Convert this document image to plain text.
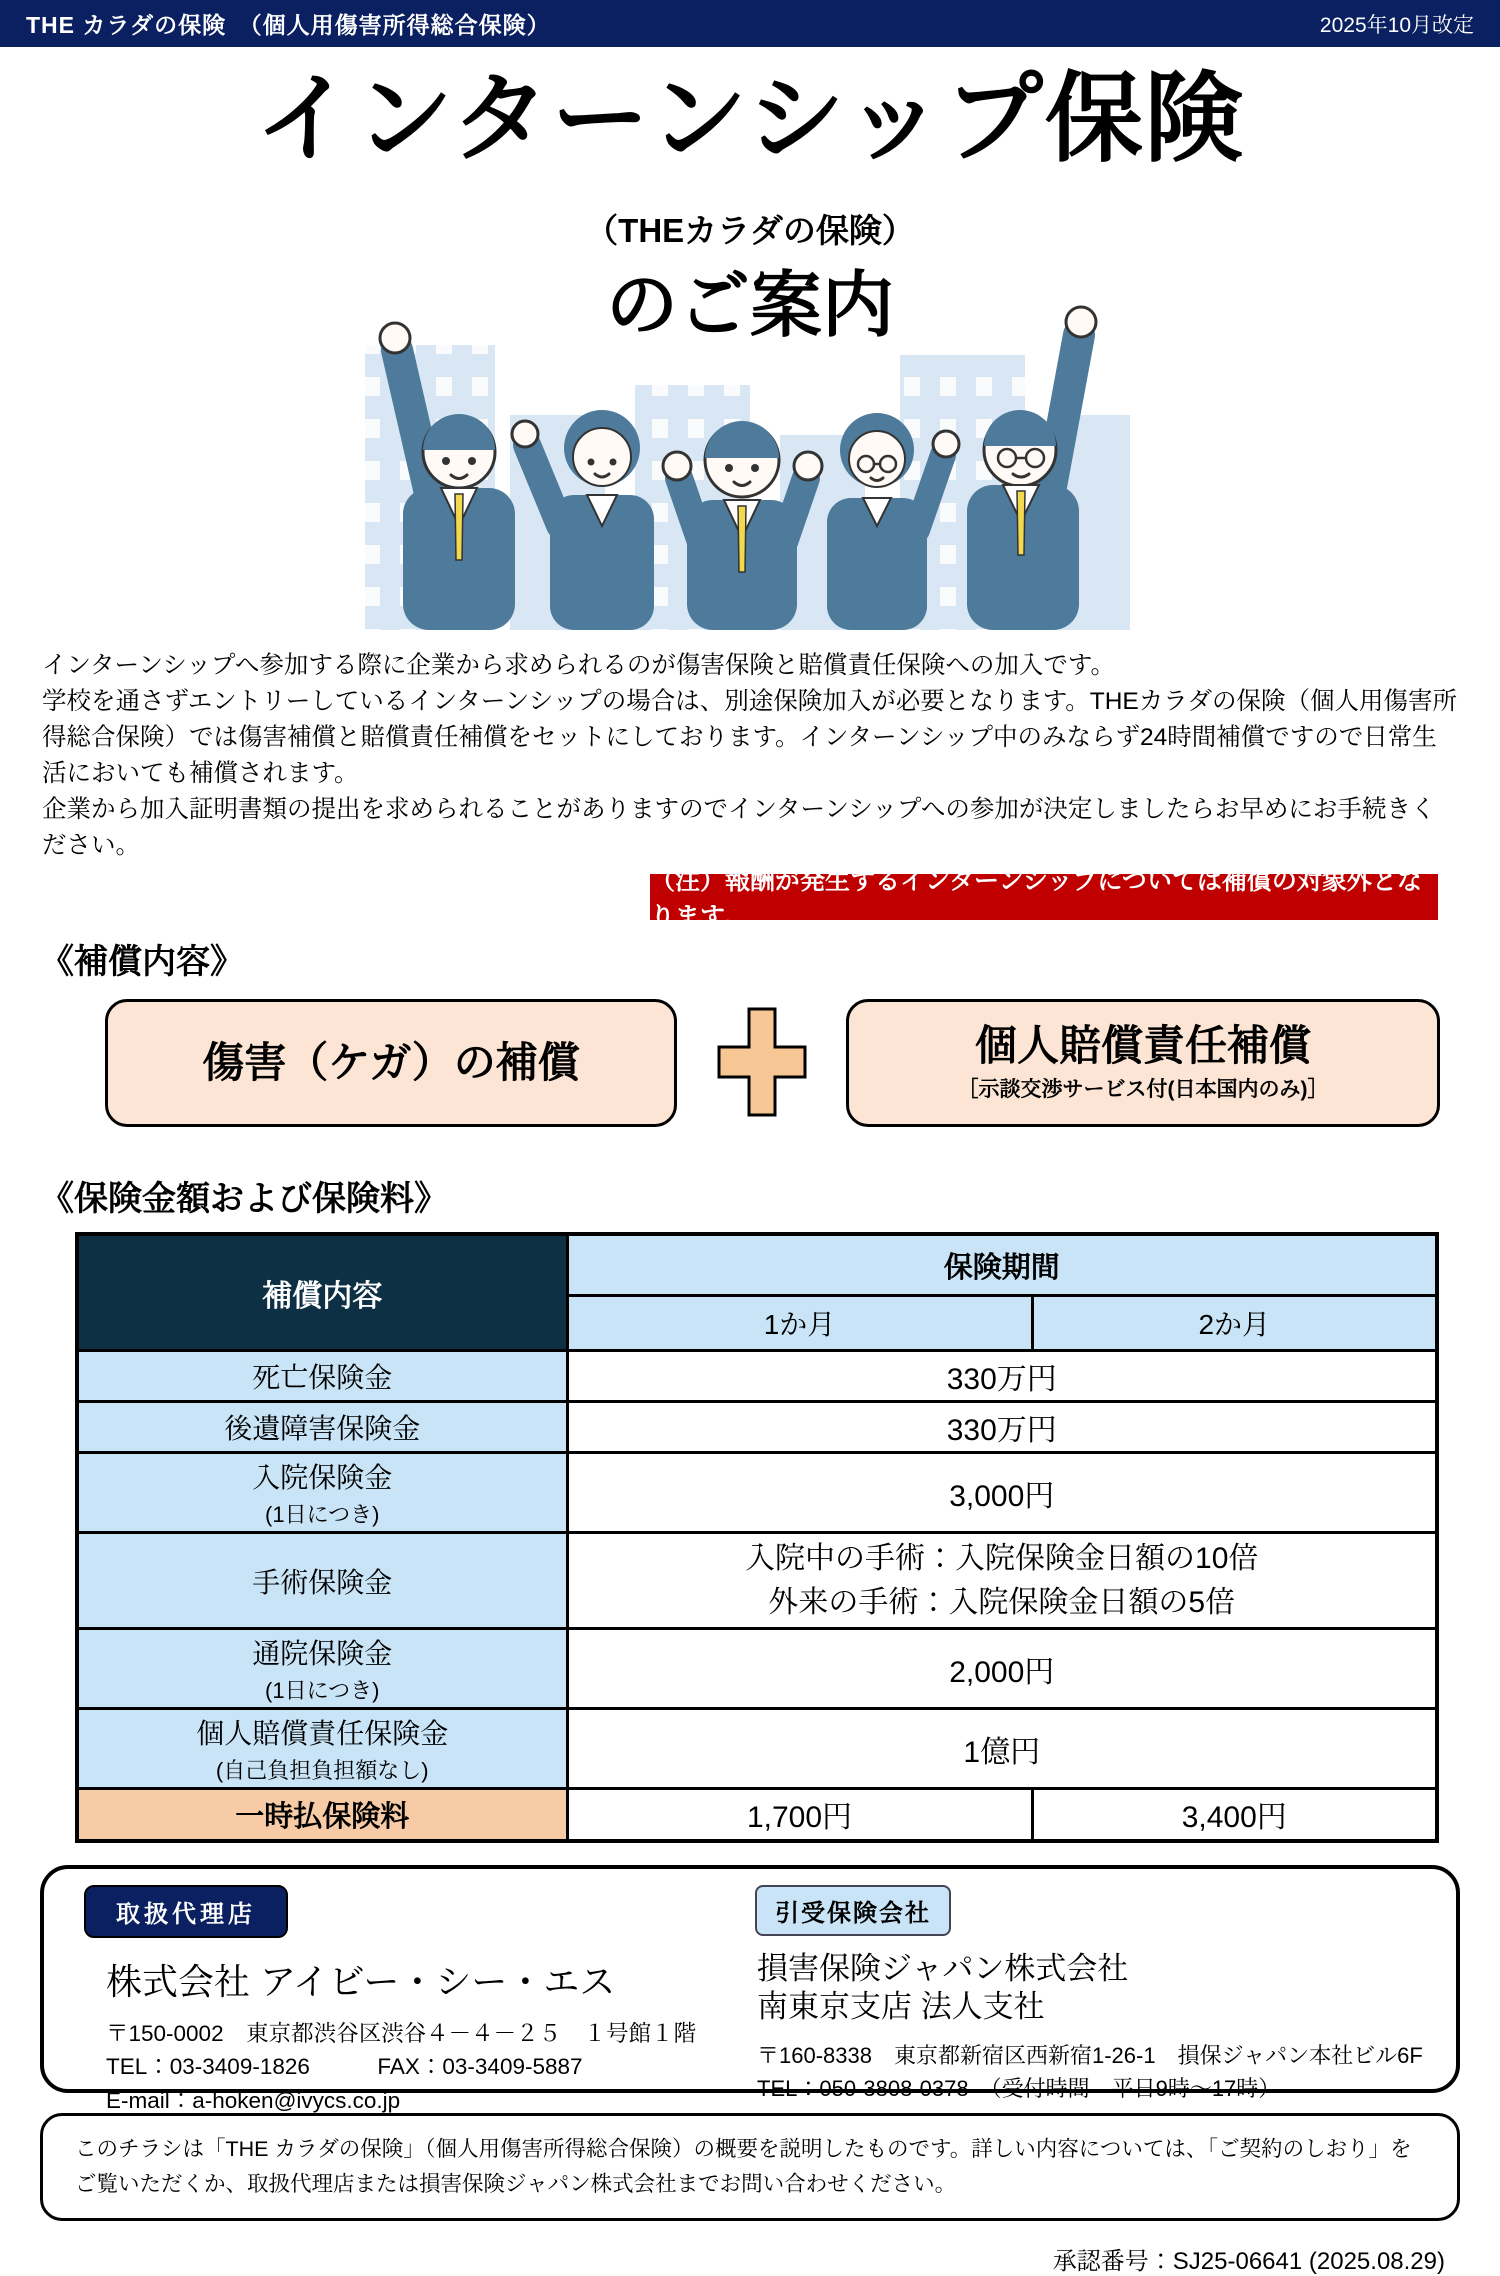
THE カラダの保険　（個人用傷害所得総合保険）	2025年10月改定
インターンシップ保険
（THEカラダの保険）
のご案内

インターンシップへ参加する際に企業から求められるのが傷害保険と賠償責任保険への加入です。

学校を通さずエントリーしているインターンシップの場合は、別途保険加入が必要となります。THEカラダの保険（個人用傷害所得総合保険）では傷害補償と賠償責任補償をセットにしております。インターンシップ中のみならず24時間補償ですので日常生活においても補償されます。

企業から加入証明書類の提出を求められることがありますのでインターンシップへの参加が決定しましたらお早めにお手続きください。

（注）報酬が発生するインターンシップについては補償の対象外となります。
《補償内容》
傷害（ケガ）の補償	個人賠償責任補償
［示談交渉サービス付(日本国内のみ)］
《保険金額および保険料》
補償内容	保険期間	
	1か月	2か月
死亡保険金	330万円	
後遺障害保険金	330万円	
入院保険金
(1日につき)	3,000円	
手術保険金	入院中の手術：入院保険金日額の10倍
外来の手術：入院保険金日額の5倍	

通院保険金
(1日につき)	2,000円	
個人賠償責任保険金
(自己負担負担額なし)	1億円	
一時払保険料	1,700円	3,400円
取扱代理店
株式会社 アイビー・シー・エス
〒150-0002　東京都渋谷区渋谷４－４－２５　１号館１階
TEL：03-3409-1826　　　FAX：03-3409-5887
E-mail：a-hoken@ivycs.co.jp
引受保険会社
損害保険ジャパン株式会社
南東京支店 法人支社
〒160-8338　東京都新宿区西新宿1-26-1　損保ジャパン本社ビル6F
TEL：050-3808-0378　（受付時間　平日9時～17時）
このチラシは「THE カラダの保険」（個人用傷害所得総合保険）の概要を説明したものです。詳しい内容については、「ご契約のしおり」をご覧いただくか、取扱代理店または損害保険ジャパン株式会社までお問い合わせください。
承認番号：SJ25-06641 (2025.08.29)
